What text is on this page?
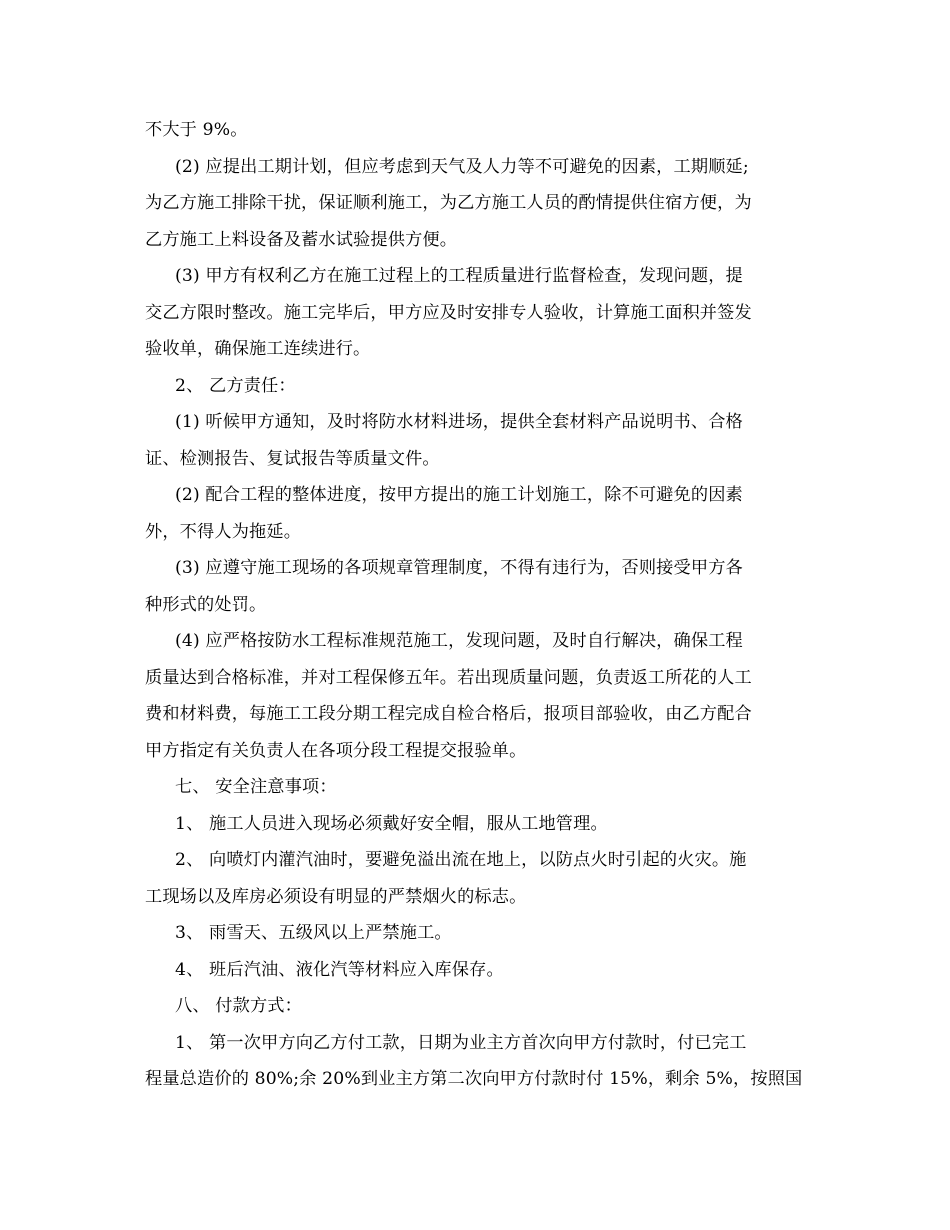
不大于 9%。
(2) 应提出工期计划，但应考虑到天气及人力等不可避免的因素，工期顺延;
为乙方施工排除干扰，保证顺利施工，为乙方施工人员的酌情提供住宿方便，为
乙方施工上料设备及蓄水试验提供方便。
(3) 甲方有权利乙方在施工过程上的工程质量进行监督检查，发现问题，提
交乙方限时整改。施工完毕后，甲方应及时安排专人验收，计算施工面积并签发
验收单，确保施工连续进行。
2、 乙方责任：
(1) 听候甲方通知，及时将防水材料进场，提供全套材料产品说明书、合格
证、检测报告、复试报告等质量文件。
(2) 配合工程的整体进度，按甲方提出的施工计划施工，除不可避免的因素
外，不得人为拖延。
(3) 应遵守施工现场的各项规章管理制度，不得有违行为，否则接受甲方各
种形式的处罚。
(4) 应严格按防水工程标准规范施工，发现问题，及时自行解决，确保工程
质量达到合格标准，并对工程保修五年。若出现质量问题，负责返工所花的人工
费和材料费，每施工工段分期工程完成自检合格后，报项目部验收，由乙方配合
甲方指定有关负责人在各项分段工程提交报验单。
七、 安全注意事项：
1、 施工人员进入现场必须戴好安全帽，服从工地管理。
2、 向喷灯内灌汽油时，要避免溢出流在地上，以防点火时引起的火灾。施
工现场以及库房必须设有明显的严禁烟火的标志。
3、 雨雪天、五级风以上严禁施工。
4、 班后汽油、液化汽等材料应入库保存。
八、 付款方式：
1、 第一次甲方向乙方付工款，日期为业主方首次向甲方付款时，付已完工
程量总造价的 80%;余 20%到业主方第二次向甲方付款时付 15%，剩余 5%，按照国
